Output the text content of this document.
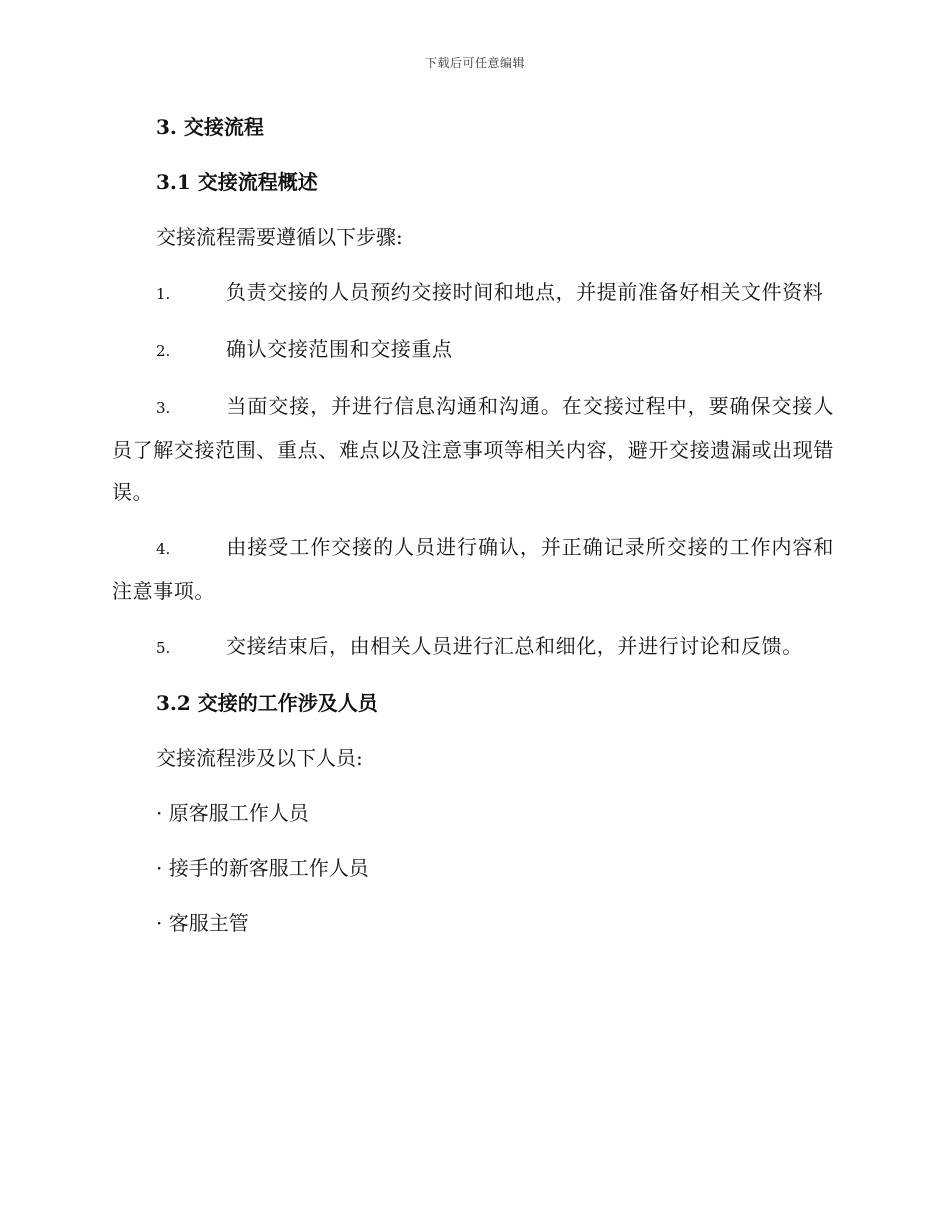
下载后可任意编辑
3. 交接流程
3.1 交接流程概述
交接流程需要遵循以下步骤:
1.	负责交接的人员预约交接时间和地点，并提前准备好相关文件资料
2.	确认交接范围和交接重点
3.	当面交接，并进行信息沟通和沟通。在交接过程中，要确保交接人员了解交接范围、重点、难点以及注意事项等相关内容，避开交接遗漏或出现错误。
4.	由接受工作交接的人员进行确认，并正确记录所交接的工作内容和注意事项。
5.	交接结束后，由相关人员进行汇总和细化，并进行讨论和反馈。
3.2 交接的工作涉及人员
交接流程涉及以下人员:
· 原客服工作人员
· 接手的新客服工作人员
· 客服主管
